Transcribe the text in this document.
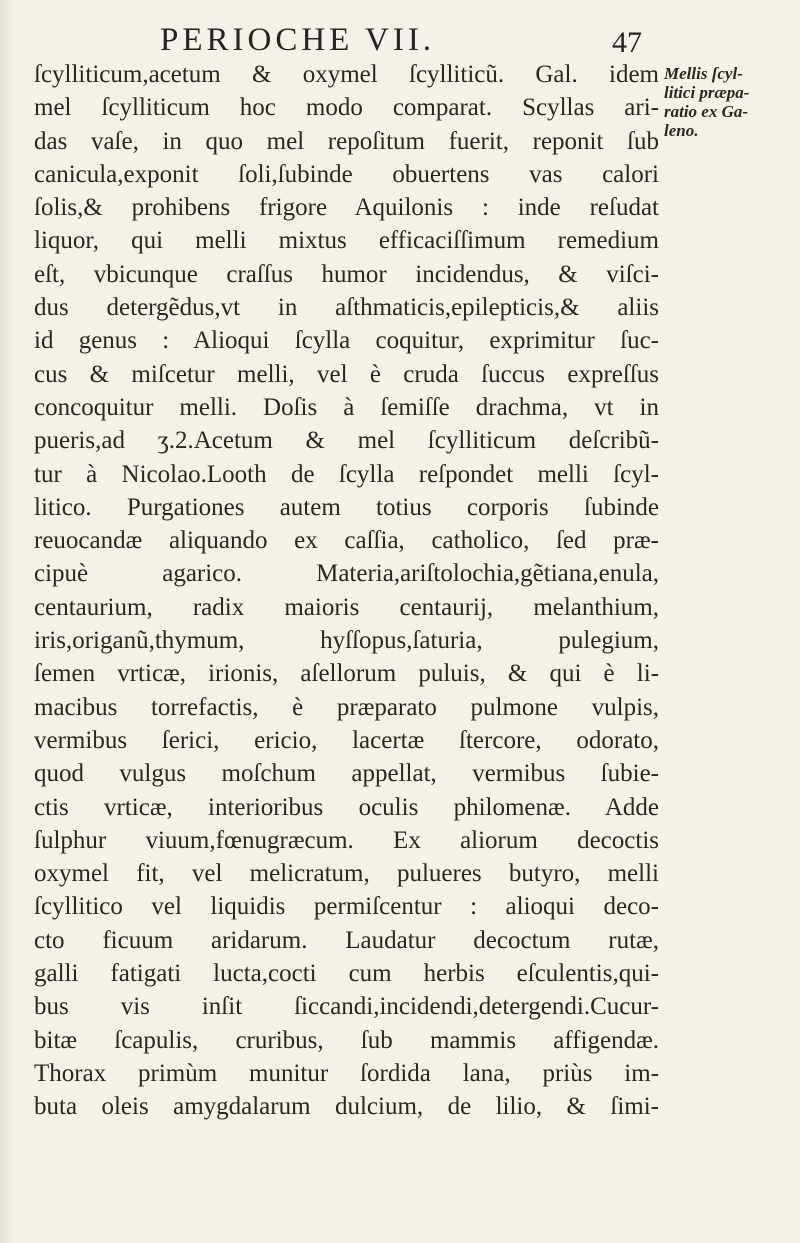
PERIOCHE VII.	47
ſcylliticum,acetum & oxymel ſcylliticũ. Gal. idem
mel ſcylliticum hoc modo comparat. Scyllas ari-
das vaſe, in quo mel repoſitum fuerit, reponit ſub
canicula,exponit ſoli,ſubinde obuertens vas calori
ſolis,& prohibens frigore Aquilonis : inde reſudat
liquor, qui melli mixtus efficaciſſimum remedium
eſt, vbicunque craſſus humor incidendus, & viſci-
dus detergẽdus,vt in aſthmaticis,epilepticis,& aliis
id genus : Alioqui ſcylla coquitur, exprimitur ſuc-
cus & miſcetur melli, vel è cruda ſuccus expreſſus
concoquitur melli. Doſis à ſemiſſe drachma, vt in
pueris,ad ʒ.2.Acetum & mel ſcylliticum deſcribũ-
tur à Nicolao.Looth de ſcylla reſpondet melli ſcyl-
litico. Purgationes autem totius corporis ſubinde
reuocandæ aliquando ex caſſia, catholico, ſed præ-
cipuè agarico. Materia,ariſtolochia,gẽtiana,enula,
centaurium, radix maioris centaurij, melanthium,
iris,origanũ,thymum, hyſſopus,ſaturia, pulegium,
ſemen vrticæ, irionis, aſellorum puluis, & qui è li-
macibus torrefactis, è præparato pulmone vulpis,
vermibus ſerici, ericio, lacertæ ſtercore, odorato,
quod vulgus moſchum appellat, vermibus ſubie-
ctis vrticæ, interioribus oculis philomenæ. Adde
ſulphur viuum,fœnugræcum. Ex aliorum decoctis
oxymel fit, vel melicratum, pulueres butyro, melli
ſcyllitico vel liquidis permiſcentur : alioqui deco-
cto ficuum aridarum. Laudatur decoctum rutæ,
galli fatigati lucta,cocti cum herbis eſculentis,qui-
bus vis inſit ſiccandi,incidendi,detergendi.Cucur-
bitæ ſcapulis, cruribus, ſub mammis affigendæ.
Thorax primùm munitur ſordida lana, priùs im-
buta oleis amygdalarum dulcium, de lilio, & ſimi-
Mellis ſcyl-
litici præpa-
ratio ex Ga-
leno.
